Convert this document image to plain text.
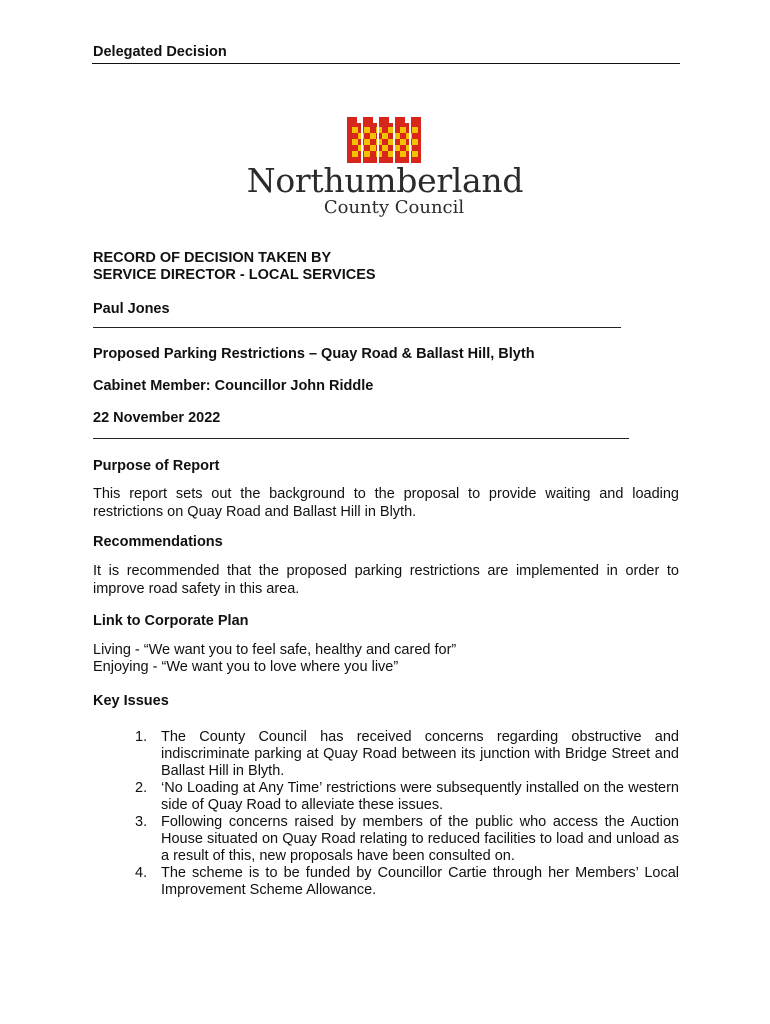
Delegated Decision
Northumberland
County Council
RECORD OF DECISION TAKEN BY
SERVICE DIRECTOR - LOCAL SERVICES
Paul Jones
Proposed Parking Restrictions – Quay Road & Ballast Hill, Blyth
Cabinet Member: Councillor John Riddle
22 November 2022
Purpose of Report
This report sets out the background to the proposal to provide waiting and loading restrictions on Quay Road and Ballast Hill in Blyth.
Recommendations
It is recommended that the proposed parking restrictions are implemented in order to improve road safety in this area.
Link to Corporate Plan
Living - “We want you to feel safe, healthy and cared for”
Enjoying - “We want you to love where you live”
Key Issues
1. The County Council has received concerns regarding obstructive and indiscriminate parking at Quay Road between its junction with Bridge Street and Ballast Hill in Blyth.
2. ‘No Loading at Any Time’ restrictions were subsequently installed on the western side of Quay Road to alleviate these issues.
3. Following concerns raised by members of the public who access the Auction House situated on Quay Road relating to reduced facilities to load and unload as a result of this, new proposals have been consulted on.
4. The scheme is to be funded by Councillor Cartie through her Members’ Local Improvement Scheme Allowance.
